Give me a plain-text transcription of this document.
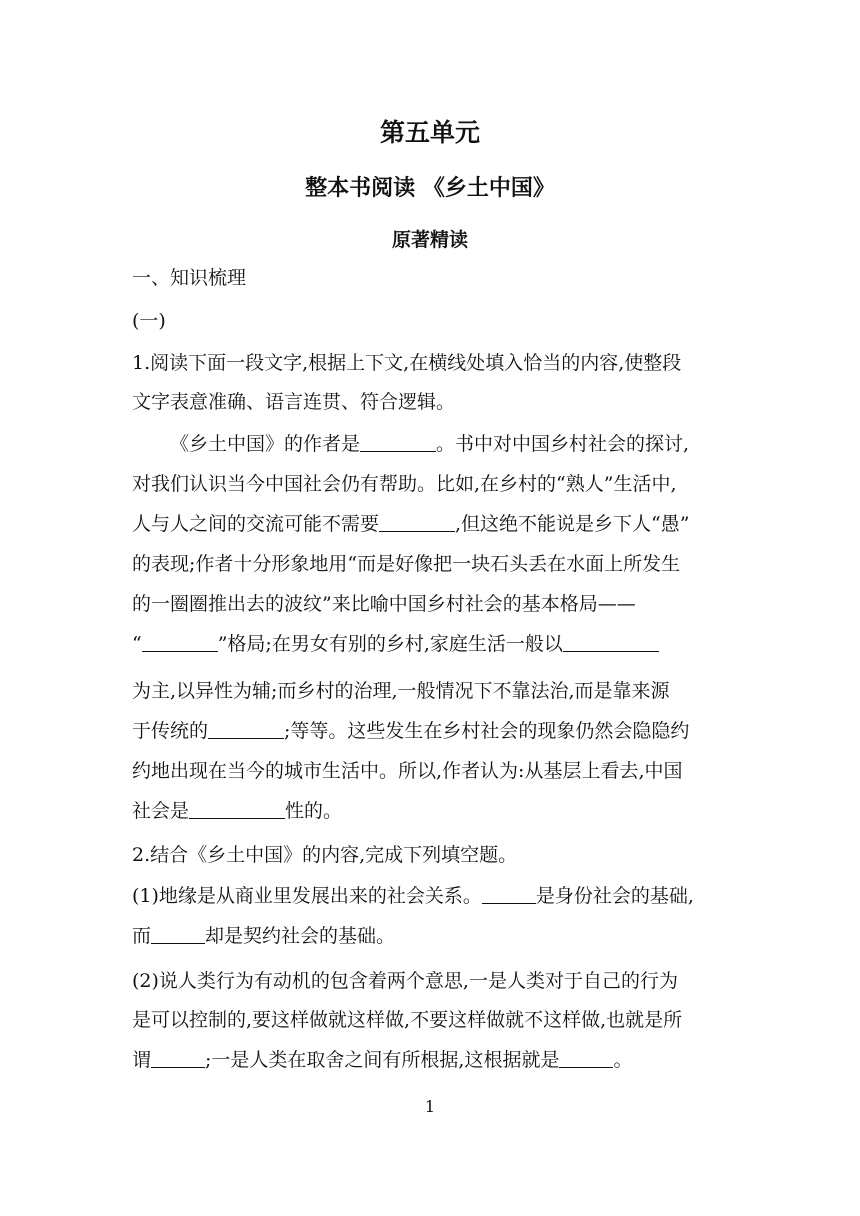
第五单元
整本书阅读 《乡土中国》
原著精读
一、知识梳理
(一)
1.阅读下面一段文字,根据上下文,在横线处填入恰当的内容,使整段
文字表意准确、语言连贯、符合逻辑。
《乡土中国》的作者是	。书中对中国乡村社会的探讨,
对我们认识当今中国社会仍有帮助。比如,在乡村的“熟人”生活中,
人与人之间的交流可能不需要	,但这绝不能说是乡下人“愚”
的表现;作者十分形象地用“而是好像把一块石头丢在水面上所发生
的一圈圈推出去的波纹”来比喻中国乡村社会的基本格局——
“	”格局;在男女有别的乡村,家庭生活一般以
为主,以异性为辅;而乡村的治理,一般情况下不靠法治,而是靠来源
于传统的	;等等。这些发生在乡村社会的现象仍然会隐隐约
约地出现在当今的城市生活中。所以,作者认为:从基层上看去,中国
社会是	性的。
2.结合《乡土中国》的内容,完成下列填空题。
(1)地缘是从商业里发展出来的社会关系。	是身份社会的基础,
而	却是契约社会的基础。
(2)说人类行为有动机的包含着两个意思,一是人类对于自己的行为
是可以控制的,要这样做就这样做,不要这样做就不这样做,也就是所
谓	;一是人类在取舍之间有所根据,这根据就是	。
1
